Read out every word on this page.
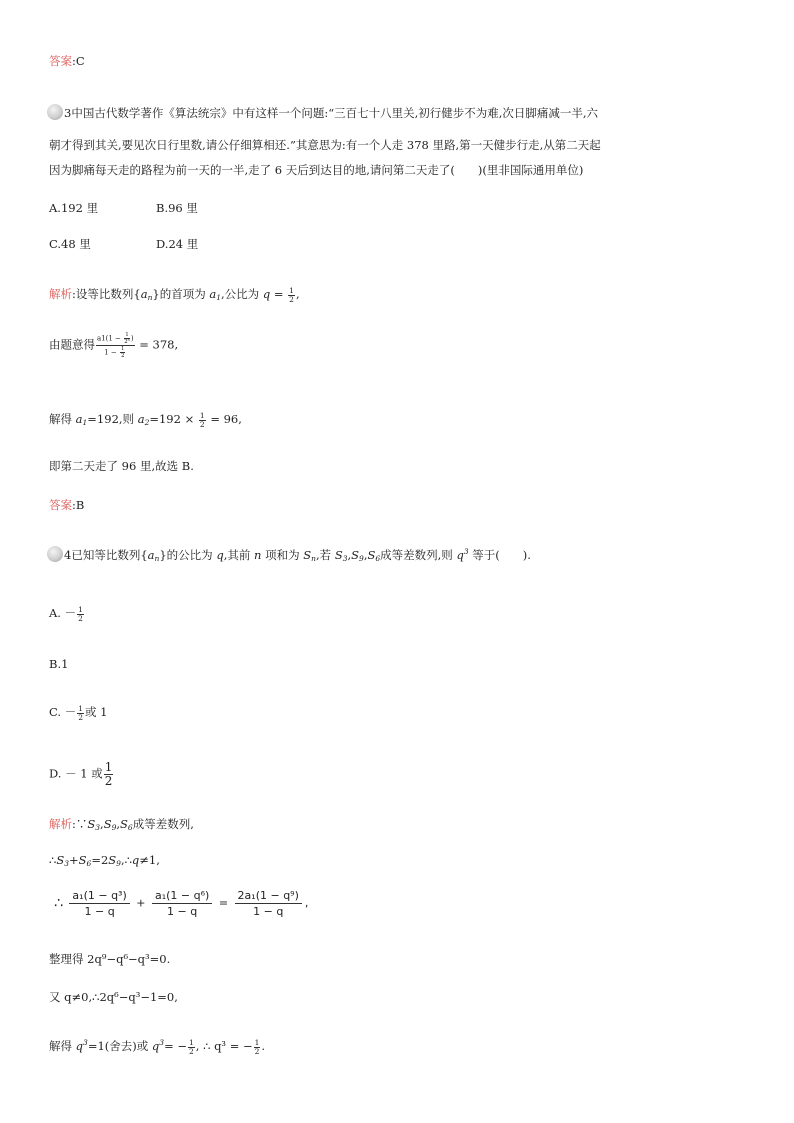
答案:C
3中国古代数学著作《算法统宗》中有这样一个问题:“三百七十八里关,初行健步不为难,次日脚痛减一半,六
朝才得到其关,要见次日行里数,请公仔细算相还.”其意思为:有一个人走 378 里路,第一天健步行走,从第二天起
因为脚痛每天走的路程为前一天的一半,走了 6 天后到达目的地,请问第二天走了(　　)(里非国际通用单位)
A.192 里	B.96 里
C.48 里	D.24 里
解析:设等比数列$\{a_n\}$的首项为 $a_1$,公比为 $q = \frac{1}{2}$ ,
由题意得 $\frac{a1(1 - \frac{1}{\text{2⁶}} )}{1 - \frac{1}{2}} = 378$,
解得 $a_1=192$,则 $a_2=192 \times \frac{1}{2} = 96$,
即第二天走了 96 里,故选 B.
答案:B
4已知等比数列$\{a_n\}$的公比为 q,其前 n 项和为 $S_n$,若 $S_3,S_9,S_6$成等差数列,则 $q^3$ 等于(　　).
A. － $\frac{1}{2}$
B.1
C. － $\frac{1}{2}$ 或 1
D. － 1 或 $\frac{1}{2}$
解析$:\because S_3,S_9,S_6$成等差数列,
$\therefore S_3+S_6=2S_9,\therefore q\ne 1$,
∴ $\frac{\text{a₁(1 − q³)}}{1 - q} + \frac{\text{a₁(1 − q⁶)}}{1 - q} = \frac{\text{2a₁(1 − q⁹)}}{1 - q}$ ,
整理得 2q⁹−q⁶−q³=0.
又 q≠0,∴2q⁶−q³−1=0,
解得 $q^3=1$(舍去)或 $q^3= - \frac{1}{2}$ , ∴ q³ = − $\frac{1}{2}$ .
